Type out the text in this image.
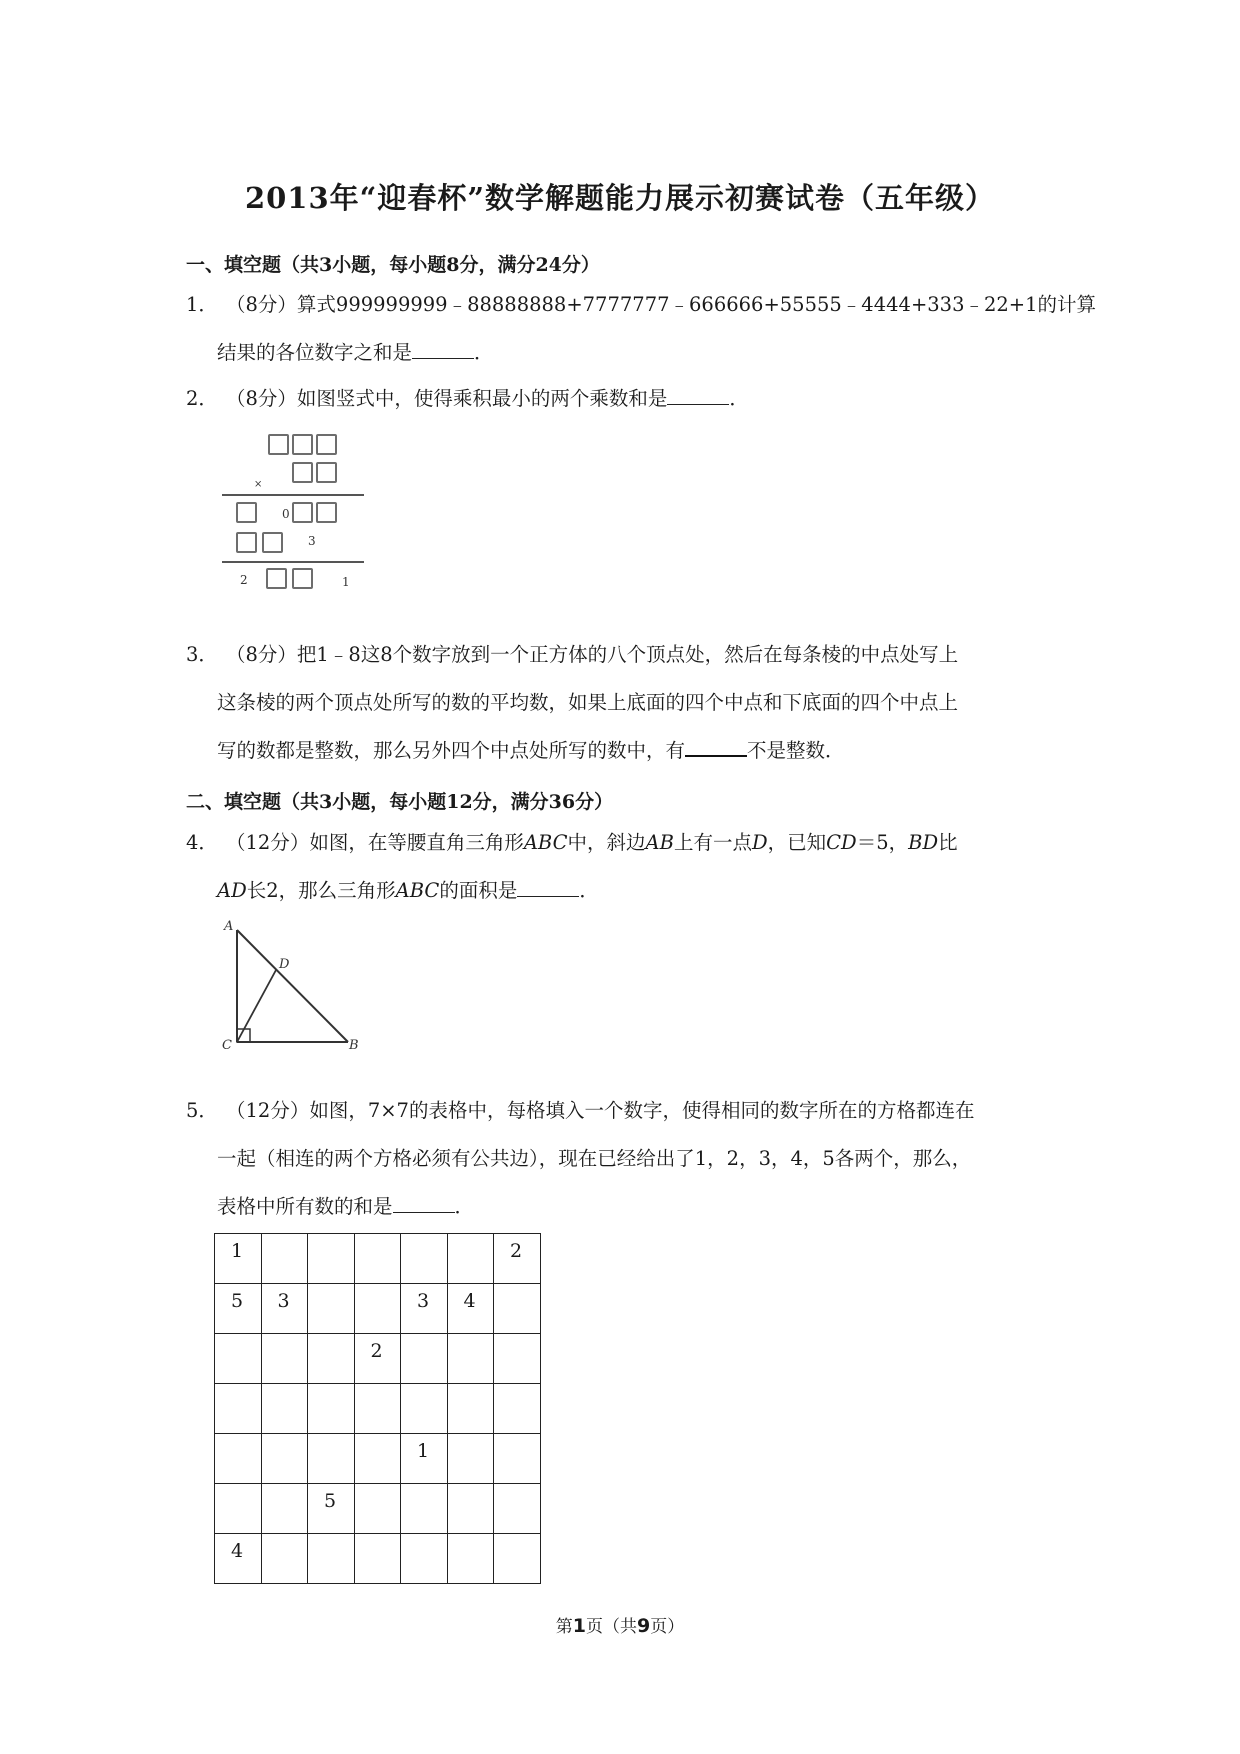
2013年“迎春杯”数学解题能力展示初赛试卷（五年级）
一、填空题（共3小题，每小题8分，满分24分）
1． （8分）算式999999999﹣88888888+7777777﹣666666+55555﹣4444+333﹣22+1的计算
结果的各位数字之和是	．
2． （8分）如图竖式中，使得乘积最小的两个乘数和是	．
×
0
3
2	1
3． （8分）把1﹣8这8个数字放到一个正方体的八个顶点处，然后在每条棱的中点处写上
这条棱的两个顶点处所写的数的平均数，如果上底面的四个中点和下底面的四个中点上
写的数都是整数，那么另外四个中点处所写的数中，有	不是整数．
二、填空题（共3小题，每小题12分，满分36分）
4． （12分）如图，在等腰直角三角形ABC中，斜边AB上有一点D，已知CD＝5，BD比
AD长2，那么三角形ABC的面积是	．
A
D
C	B
5． （12分）如图，7×7的表格中，每格填入一个数字，使得相同的数字所在的方格都连在
一起（相连的两个方格必须有公共边），现在已经给出了1，2，3，4，5各两个，那么，
表格中所有数的和是	．
1						2

5	3			3	4	

			2			

				1		

		5				

4						

第1页（共9页）
